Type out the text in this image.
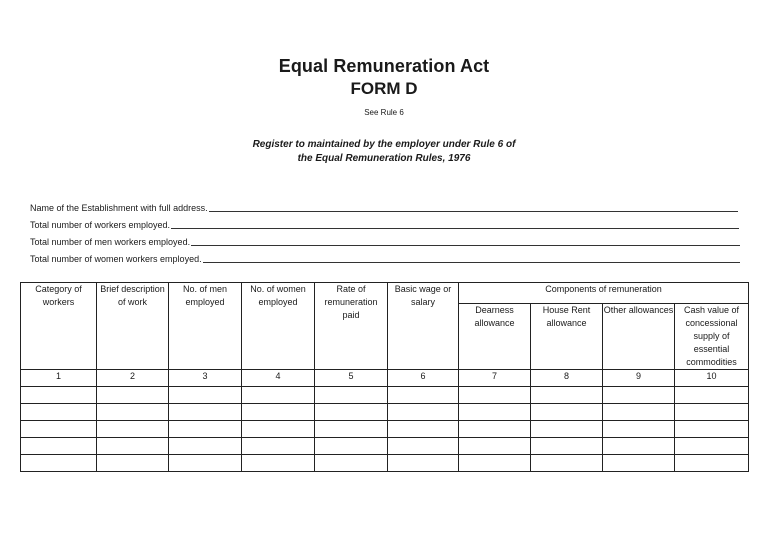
Equal Remuneration Act
FORM D
See Rule 6
Register to maintained by the employer under Rule 6 of
the Equal Remuneration Rules, 1976
Name of the Establishment with full address.
Total number of workers employed.
Total number of men workers employed.
Total number of women workers employed.
Category of workers	Brief description of work	No. of men employed	No. of women employed	Rate of remuneration paid	Basic wage or salary	Components of remuneration			
						Dearness allowance	House Rent allowance	Other allowances	Cash value of concessional supply of essential commodities
1	2	3	4	5	6	7	8	9	10
